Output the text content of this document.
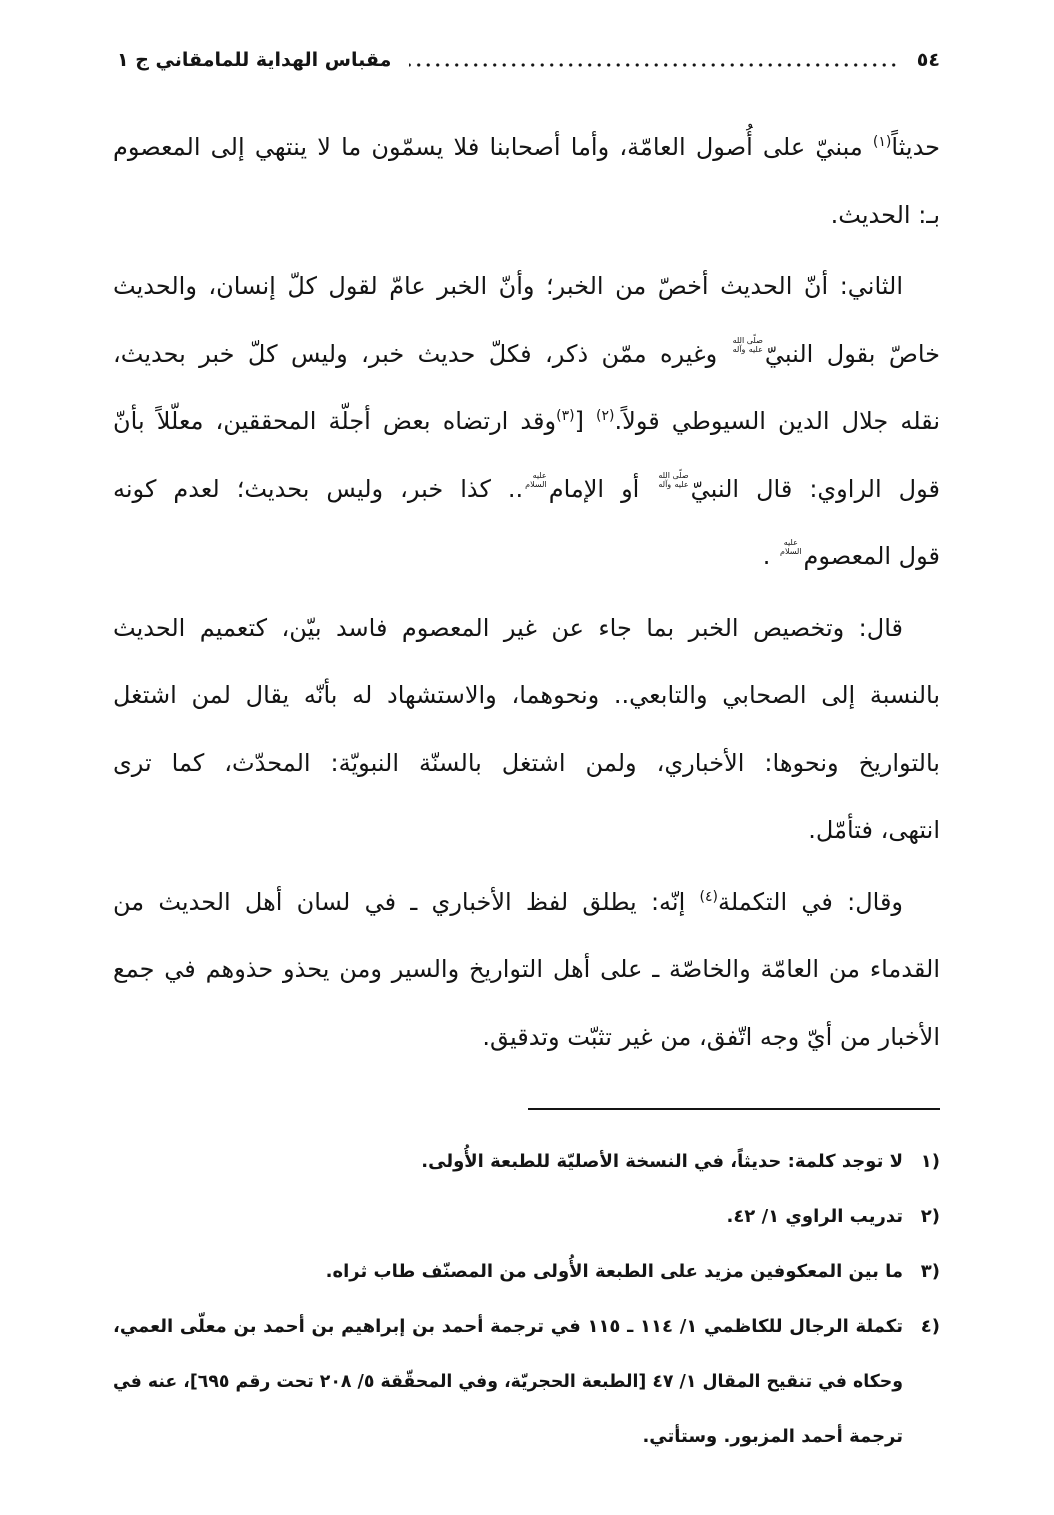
٥٤
مقباس الهداية للمامقاني ج ١
حديثاً$^{(١)}$ مبنيّ على أُصول العامّة، وأما أصحابنا فلا يسمّون ما لا ينتهي إلى المعصوم
بـ: الحديث.
الثاني: أنّ الحديث أخصّ من الخبر؛ وأنّ الخبر عامّ لقول كلّ إنسان، والحديث
خاصّ بقول النبيّ
صلّى الله
عليه وآله
وغيره ممّن ذكر، فكلّ حديث خبر، وليس كلّ خبر بحديث،
نقله جلال الدين السيوطي قولاً.$^{(٢)}$ [$^{(٣)}$وقد ارتضاه بعض أجلّة المحققين، معلّلاً بأنّ
قول الراوي: قال النبيّ
صلّى الله
عليه وآله
أو الإمام
عليه
السلام
.. كذا خبر، وليس بحديث؛ لعدم كونه
قول المعصوم
عليه
السلام
.
قال: وتخصيص الخبر بما جاء عن غير المعصوم فاسد بيّن، كتعميم الحديث
بالنسبة إلى الصحابي والتابعي.. ونحوهما، والاستشهاد له بأنّه يقال لمن اشتغل
بالتواريخ ونحوها: الأخباري، ولمن اشتغل بالسنّة النبويّة: المحدّث، كما ترى
انتهى، فتأمّل.
وقال: في التكملة$^{(٤)}$ إنّه: يطلق لفظ الأخباري ـ في لسان أهل الحديث من
القدماء من العامّة والخاصّة ـ على أهل التواريخ والسير ومن يحذو حذوهم في جمع
الأخبار من أيّ وجه اتّفق، من غير تثبّت وتدقيق.
١)
لا توجد كلمة: حديثاً، في النسخة الأصليّة للطبعة الأُولى.
٢)
تدريب الراوي ١/ ٤٢.
٣)
ما بين المعكوفين مزيد على الطبعة الأُولى من المصنّف طاب ثراه.
٤)
تكملة الرجال للكاظمي ١/ ١١٤ ـ ١١٥ في ترجمة أحمد بن إبراهيم بن أحمد بن معلّى العمي،
وحكاه في تنقيح المقال ١/ ٤٧ [الطبعة الحجريّة، وفي المحقّقة ٥/ ٢٠٨ تحت رقم ٦٩٥]، عنه في
ترجمة أحمد المزبور. وستأتي.
